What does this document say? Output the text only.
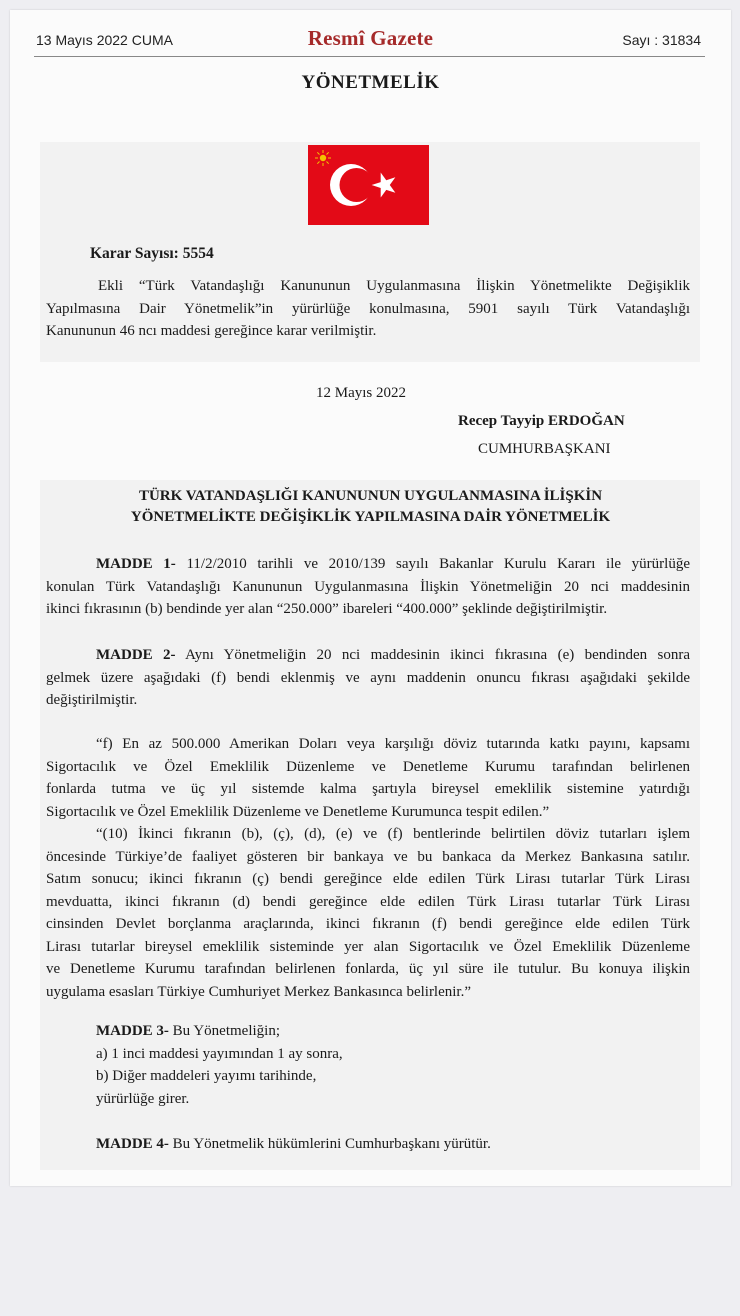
13 Mayıs 2022 CUMA	Resmî Gazete	Sayı : 31834
YÖNETMELİK
Karar Sayısı: 5554
Ekli “Türk Vatandaşlığı Kanununun Uygulanmasına İlişkin Yönetmelikte Değişiklik
Yapılmasına Dair Yönetmelik”in yürürlüğe konulmasına, 5901 sayılı Türk Vatandaşlığı
Kanununun 46 ncı maddesi gereğince karar verilmiştir.
12 Mayıs 2022
Recep Tayyip ERDOĞAN
CUMHURBAŞKANI
TÜRK VATANDAŞLIĞI KANUNUNUN UYGULANMASINA İLİŞKİN
YÖNETMELİKTE DEĞİŞİKLİK YAPILMASINA DAİR YÖNETMELİK
MADDE 1- 11/2/2010 tarihli ve 2010/139 sayılı Bakanlar Kurulu Kararı ile yürürlüğe
konulan Türk Vatandaşlığı Kanununun Uygulanmasına İlişkin Yönetmeliğin 20 nci maddesinin
ikinci fıkrasının (b) bendinde yer alan “250.000” ibareleri “400.000” şeklinde değiştirilmiştir.
MADDE 2- Aynı Yönetmeliğin 20 nci maddesinin ikinci fıkrasına (e) bendinden sonra
gelmek üzere aşağıdaki (f) bendi eklenmiş ve aynı maddenin onuncu fıkrası aşağıdaki şekilde
değiştirilmiştir.
“f) En az 500.000 Amerikan Doları veya karşılığı döviz tutarında katkı payını, kapsamı
Sigortacılık ve Özel Emeklilik Düzenleme ve Denetleme Kurumu tarafından belirlenen
fonlarda tutma ve üç yıl sistemde kalma şartıyla bireysel emeklilik sistemine yatırdığı
Sigortacılık ve Özel Emeklilik Düzenleme ve Denetleme Kurumunca tespit edilen.”
“(10) İkinci fıkranın (b), (ç), (d), (e) ve (f) bentlerinde belirtilen döviz tutarları işlem
öncesinde Türkiye’de faaliyet gösteren bir bankaya ve bu bankaca da Merkez Bankasına satılır.
Satım sonucu; ikinci fıkranın (ç) bendi gereğince elde edilen Türk Lirası tutarlar Türk Lirası
mevduatta, ikinci fıkranın (d) bendi gereğince elde edilen Türk Lirası tutarlar Türk Lirası
cinsinden Devlet borçlanma araçlarında, ikinci fıkranın (f) bendi gereğince elde edilen Türk
Lirası tutarlar bireysel emeklilik sisteminde yer alan Sigortacılık ve Özel Emeklilik Düzenleme
ve Denetleme Kurumu tarafından belirlenen fonlarda, üç yıl süre ile tutulur. Bu konuya ilişkin
uygulama esasları Türkiye Cumhuriyet Merkez Bankasınca belirlenir.”
MADDE 3- Bu Yönetmeliğin;
a) 1 inci maddesi yayımından 1 ay sonra,
b) Diğer maddeleri yayımı tarihinde,
yürürlüğe girer.
MADDE 4- Bu Yönetmelik hükümlerini Cumhurbaşkanı yürütür.
